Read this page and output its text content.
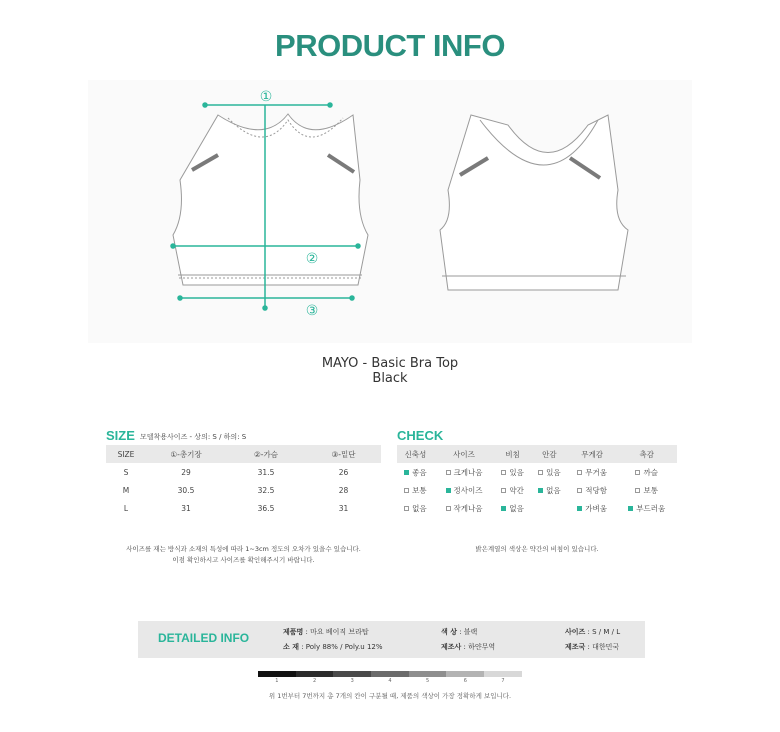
PRODUCT INFO
①
②
③
MAYO - Basic Bra Top
Black
SIZE 모델착용사이즈 - 상의: S / 하의: S
SIZE	①-총기장	②-가슴	③-밑단
S	29	31.5	26
M	30.5	32.5	28
L	31	36.5	31
사이즈를 재는 방식과 소재의 특성에 따라 1~3cm 정도의 오차가 있을수 있습니다.
이점 확인하시고 사이즈를 확인해주시기 바랍니다.
CHECK
신축성	사이즈	비침	안감	무게감	촉감
좋음	크게나옴	있음	있음	무거움	까슬
보통	정사이즈	약간	없음	적당함	보통
없음	작게나옴	없음		가벼움	부드러움
밝은계열의 색상은 약간의 비침이 있습니다.
DETAILED INFO	제품명 : 마요 베이직 브라탑
소 재 : Poly 88% / Poly.u 12%
색 상 : 블랙
제조사 : 하얀무역
사이즈 : S / M / L
제조국 : 대한민국
1	2	3	4	5	6	7
위 1번부터 7번까지 총 7개의 칸이 구분될 때, 제품의 색상이 가장 정확하게 보입니다.
